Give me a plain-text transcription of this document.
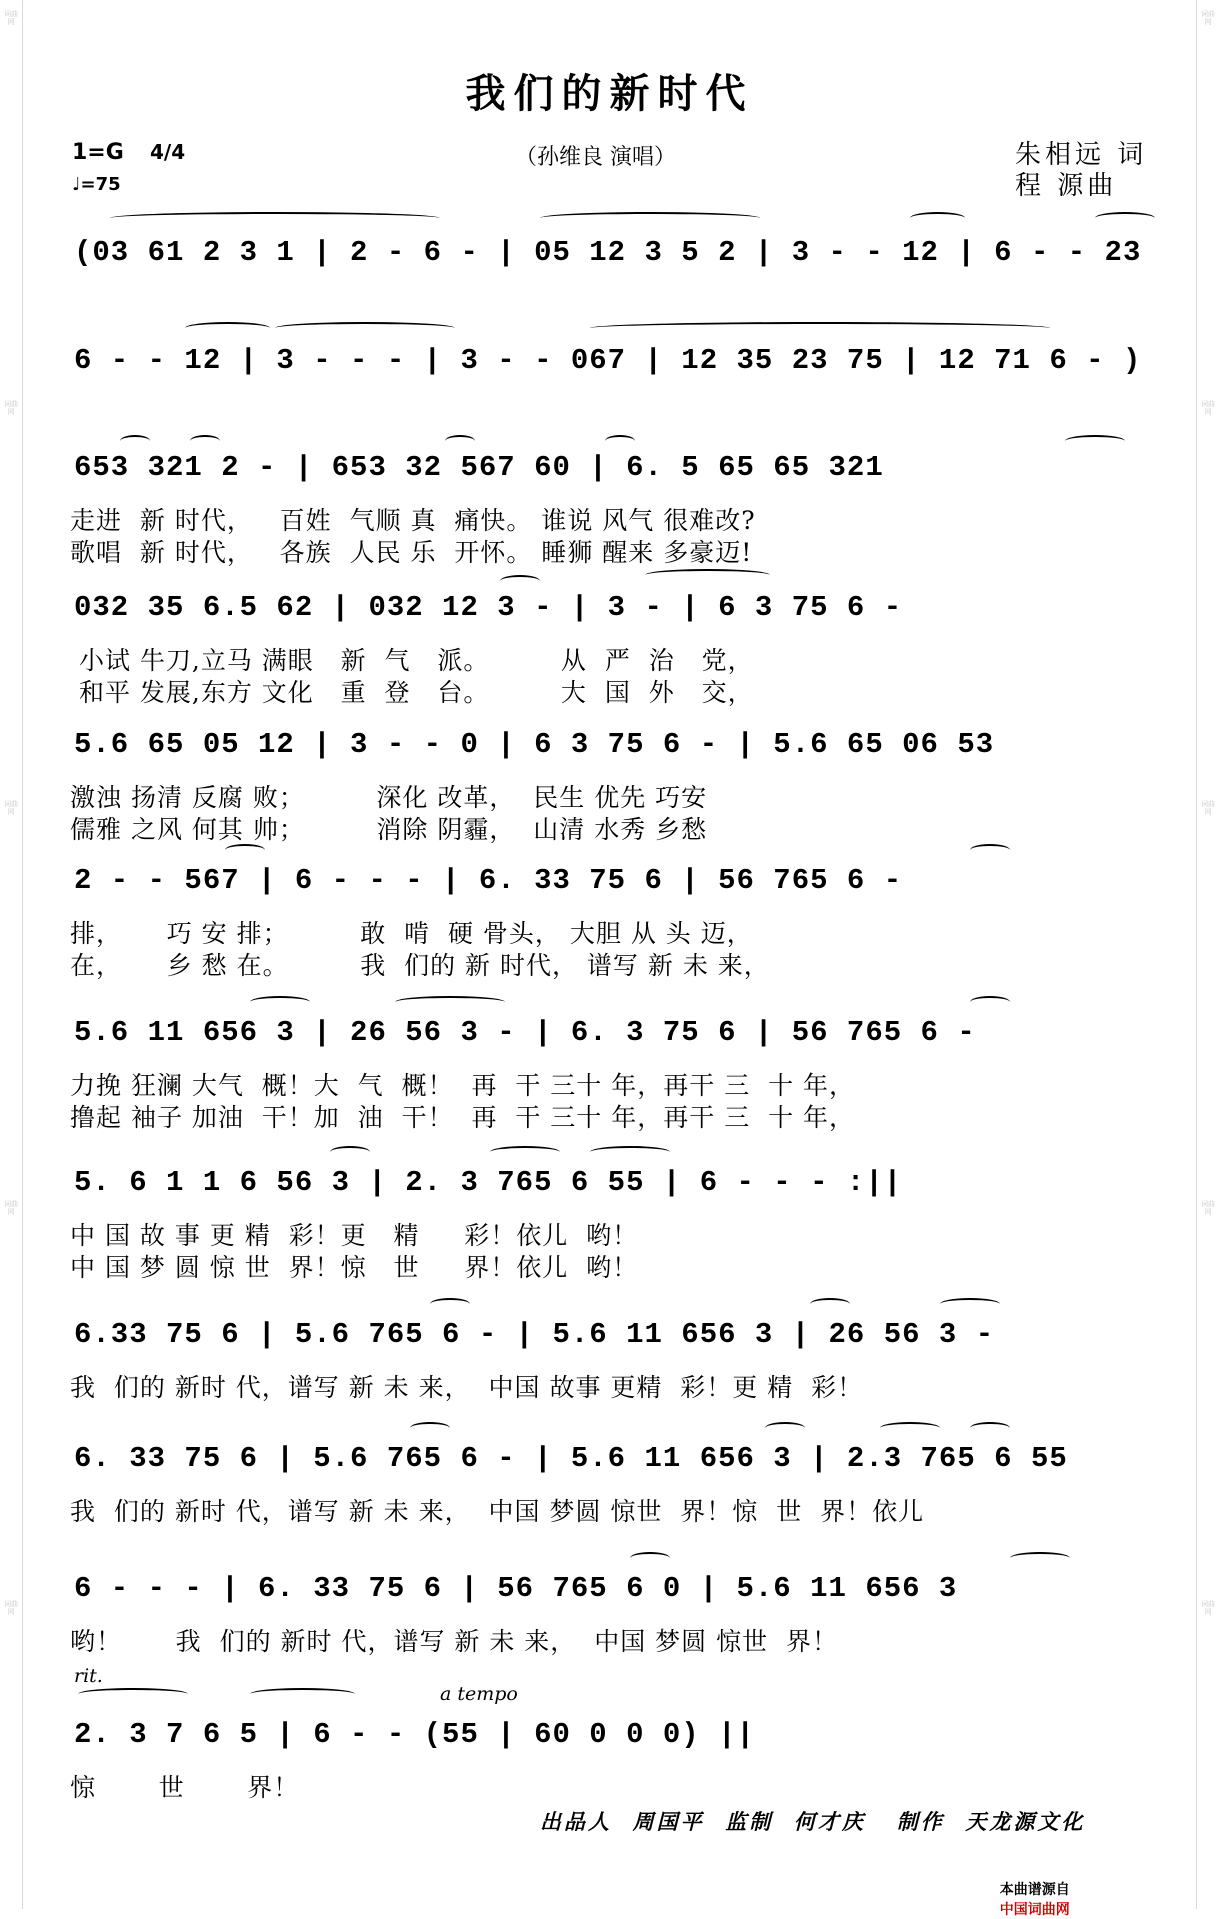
词曲网
词曲网
词曲网
词曲网
词曲网
词曲网
词曲网
词曲网
词曲网
词曲网
我们的新时代
1=G 4/4
♩=75
（孙维良 演唱）	朱相远 词
程 源曲
(03 61 2 3 1 | 2 - 6 - | 05 12 3 5 2 | 3 - - 12 | 6 - - 23
6 - - 12 | 3 - - - | 3 - - 067 | 12 35 23 75 | 12 71 6 - )
653 321 2 - | 653 32 567 60 | 6. 5 65 65 321
走进  新 时代，   百姓  气顺 真  痛快。 谁说 风气 很难改?
歌唱  新 时代，   各族  人民 乐  开怀。 睡狮 醒来 多豪迈!
032 35 6.5 62 | 032 12 3 - | 3 - | 6 3 75 6 -
小试 牛刀,立马 满眼   新  气   派。        从  严  治   党，
和平 发展,东方 文化   重  登   台。        大  国  外   交，
5.6 65 05 12 | 3 - - 0 | 6 3 75 6 - | 5.6 65 06 53
激浊 扬清 反腐 败；        深化 改革，  民生 优先 巧安
儒雅 之风 何其 帅；        消除 阴霾，  山清 水秀 乡愁
2 - - 567 | 6 - - - | 6. 33 75 6 | 56 765 6 -
排，     巧 安 排；        敢  啃  硬 骨头， 大胆 从 头 迈，
在，     乡 愁 在。        我  们的 新 时代， 谱写 新 未 来，
5.6 11 656 3 | 26 56 3 - | 6. 3 75 6 | 56 765 6 -
力挽 狂澜 大气  概！大  气  概！  再  干 三十 年，再干 三  十 年，
撸起 袖子 加油  干！加  油  干！  再  干 三十 年，再干 三  十 年，
5. 6 1 1 6 56 3 | 2. 3 765 6 55 | 6 - - - :||
中 国 故 事 更 精  彩！更   精     彩！依儿  哟！
中 国 梦 圆 惊 世  界！惊   世     界！依儿  哟！
6.33 75 6 | 5.6 765 6 - | 5.6 11 656 3 | 26 56 3 -
我  们的 新时 代，谱写 新 未 来，  中国 故事 更精  彩！更 精  彩！
6. 33 75 6 | 5.6 765 6 - | 5.6 11 656 3 | 2.3 765 6 55
我  们的 新时 代，谱写 新 未 来，  中国 梦圆 惊世  界！惊  世  界！依儿
6 - - - | 6. 33 75 6 | 56 765 6 0 | 5.6 11 656 3
哟！      我  们的 新时 代，谱写 新 未 来，  中国 梦圆 惊世  界！
rit.
a tempo
2. 3 7 6 5 | 6 - - (55 | 60 0 0 0) ||
惊       世       界！
出品人  周国平  监制  何才庆   制作  天龙源文化

本曲谱源自
中国词曲网
